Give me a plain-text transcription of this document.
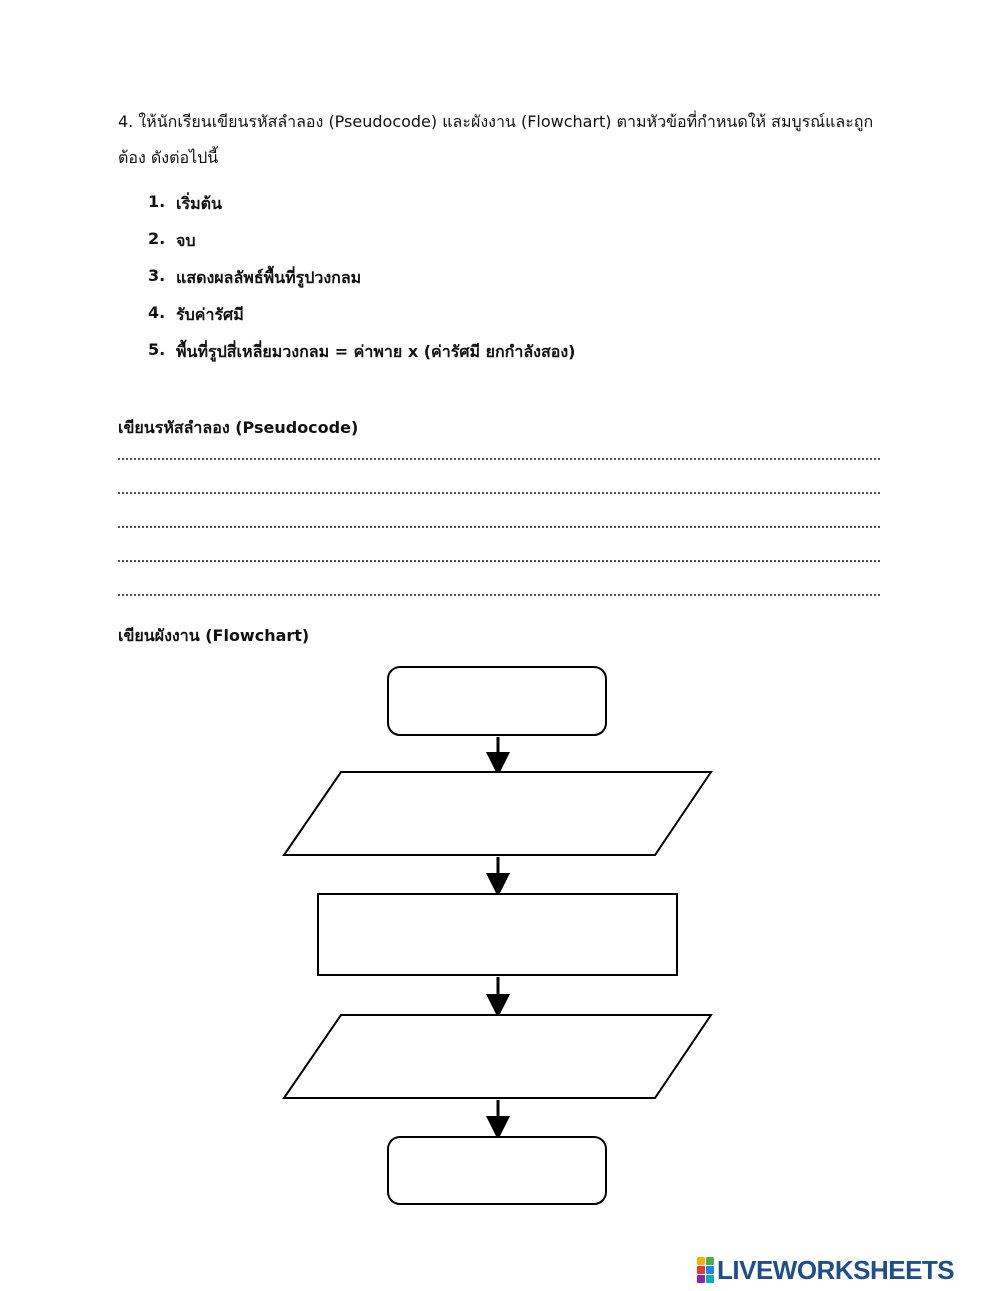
4. ให้นักเรียนเขียนรหัสลำลอง (Pseudocode) และผังงาน (Flowchart) ตามหัวข้อที่กำหนดให้ สมบูรณ์และถูกต้อง ดังต่อไปนี้

1. เริ่มต้น
2. จบ
3. แสดงผลลัพธ์พื้นที่รูปวงกลม
4. รับค่ารัศมี
5. พื้นที่รูปสี่เหลี่ยมวงกลม = ค่าพาย x (ค่ารัศมี ยกกำลังสอง)
เขียนรหัสลำลอง (Pseudocode)
เขียนผังงาน (Flowchart)
LIVEWORKSHEETS
